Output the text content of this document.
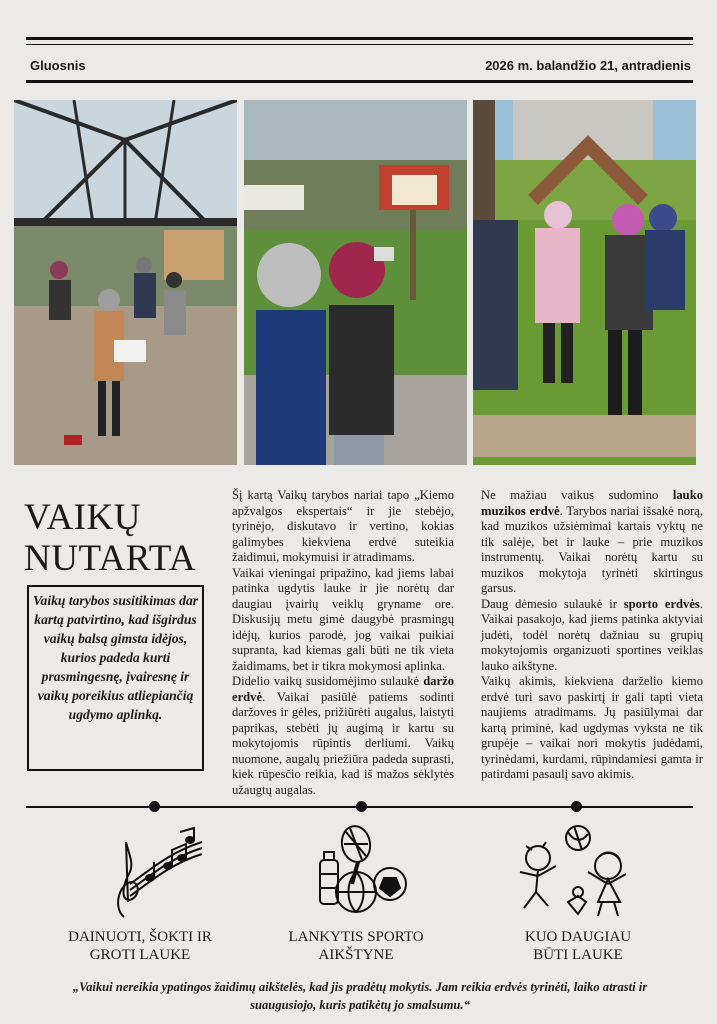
Gluosnis	2026 m. balandžio 21, antradienis
VAIKŲ
NUTARTA
Vaikų tarybos susitikimas dar kartą patvirtino, kad išgirdus vaikų balsą gimsta idėjos, kurios padeda kurti prasmingesnę, įvairesnę ir vaikų poreikius atliepiančią ugdymo aplinką.

Šį kartą Vaikų tarybos nariai tapo „Kiemo apžvalgos ekspertais“ ir jie stebėjo, tyrinėjo, diskutavo ir vertino, kokias galimybes kiekviena erdvė suteikia žaidimui, mokymuisi ir atradimams.

Vaikai vieningai pripažino, kad jiems labai patinka ugdytis lauke ir jie norėtų dar daugiau įvairių veiklų gryname ore. Diskusijų metu gimė daugybė prasmingų idėjų, kurios parodė, jog vaikai puikiai supranta, kad kiemas gali būti ne tik vieta žaidimams, bet ir tikra mokymosi aplinka.

Didelio vaikų susidomėjimo sulaukė daržo erdvė. Vaikai pasiūlė patiems sodinti daržoves ir gėles, prižiūrėti augalus, laistyti paprikas, stebėti jų augimą ir kartu su mokytojomis rūpintis derliumi. Vaikų nuomone, augalų priežiūra padeda suprasti, kiek rūpesčio reikia, kad iš mažos sėklytės užaugtų augalas.

Ne mažiau vaikus sudomino lauko muzikos erdvė. Tarybos nariai išsakė norą, kad muzikos užsiėmimai kartais vyktų ne tik salėje, bet ir lauke – prie muzikos instrumentų. Vaikai norėtų kartu su muzikos mokytoja tyrinėti skirtingus garsus.

Daug dėmesio sulaukė ir sporto erdvės. Vaikai pasakojo, kad jiems patinka aktyviai judėti, todėl norėtų dažniau su grupių mokytojomis organizuoti sportines veiklas lauko aikštyne.

Vaikų akimis, kiekviena darželio kiemo erdvė turi savo paskirtį ir gali tapti vieta naujiems atradimams. Jų pasiūlymai dar kartą priminė, kad ugdymas vyksta ne tik grupėje – vaikai nori mokytis judėdami, tyrinėdami, kurdami, rūpindamiesi gamta ir patirdami pasaulį savo akimis.

DAINUOTI, ŠOKTI IR
GROTI LAUKE
LANKYTIS SPORTO
AIKŠTYNE
KUO DAUGIAU
BŪTI LAUKE
„Vaikui nereikia ypatingos žaidimų aikštelės, kad jis pradėtų mokytis. Jam reikia erdvės tyrinėti, laiko atrasti ir suaugusiojo, kuris patikėtų jo smalsumu.“
